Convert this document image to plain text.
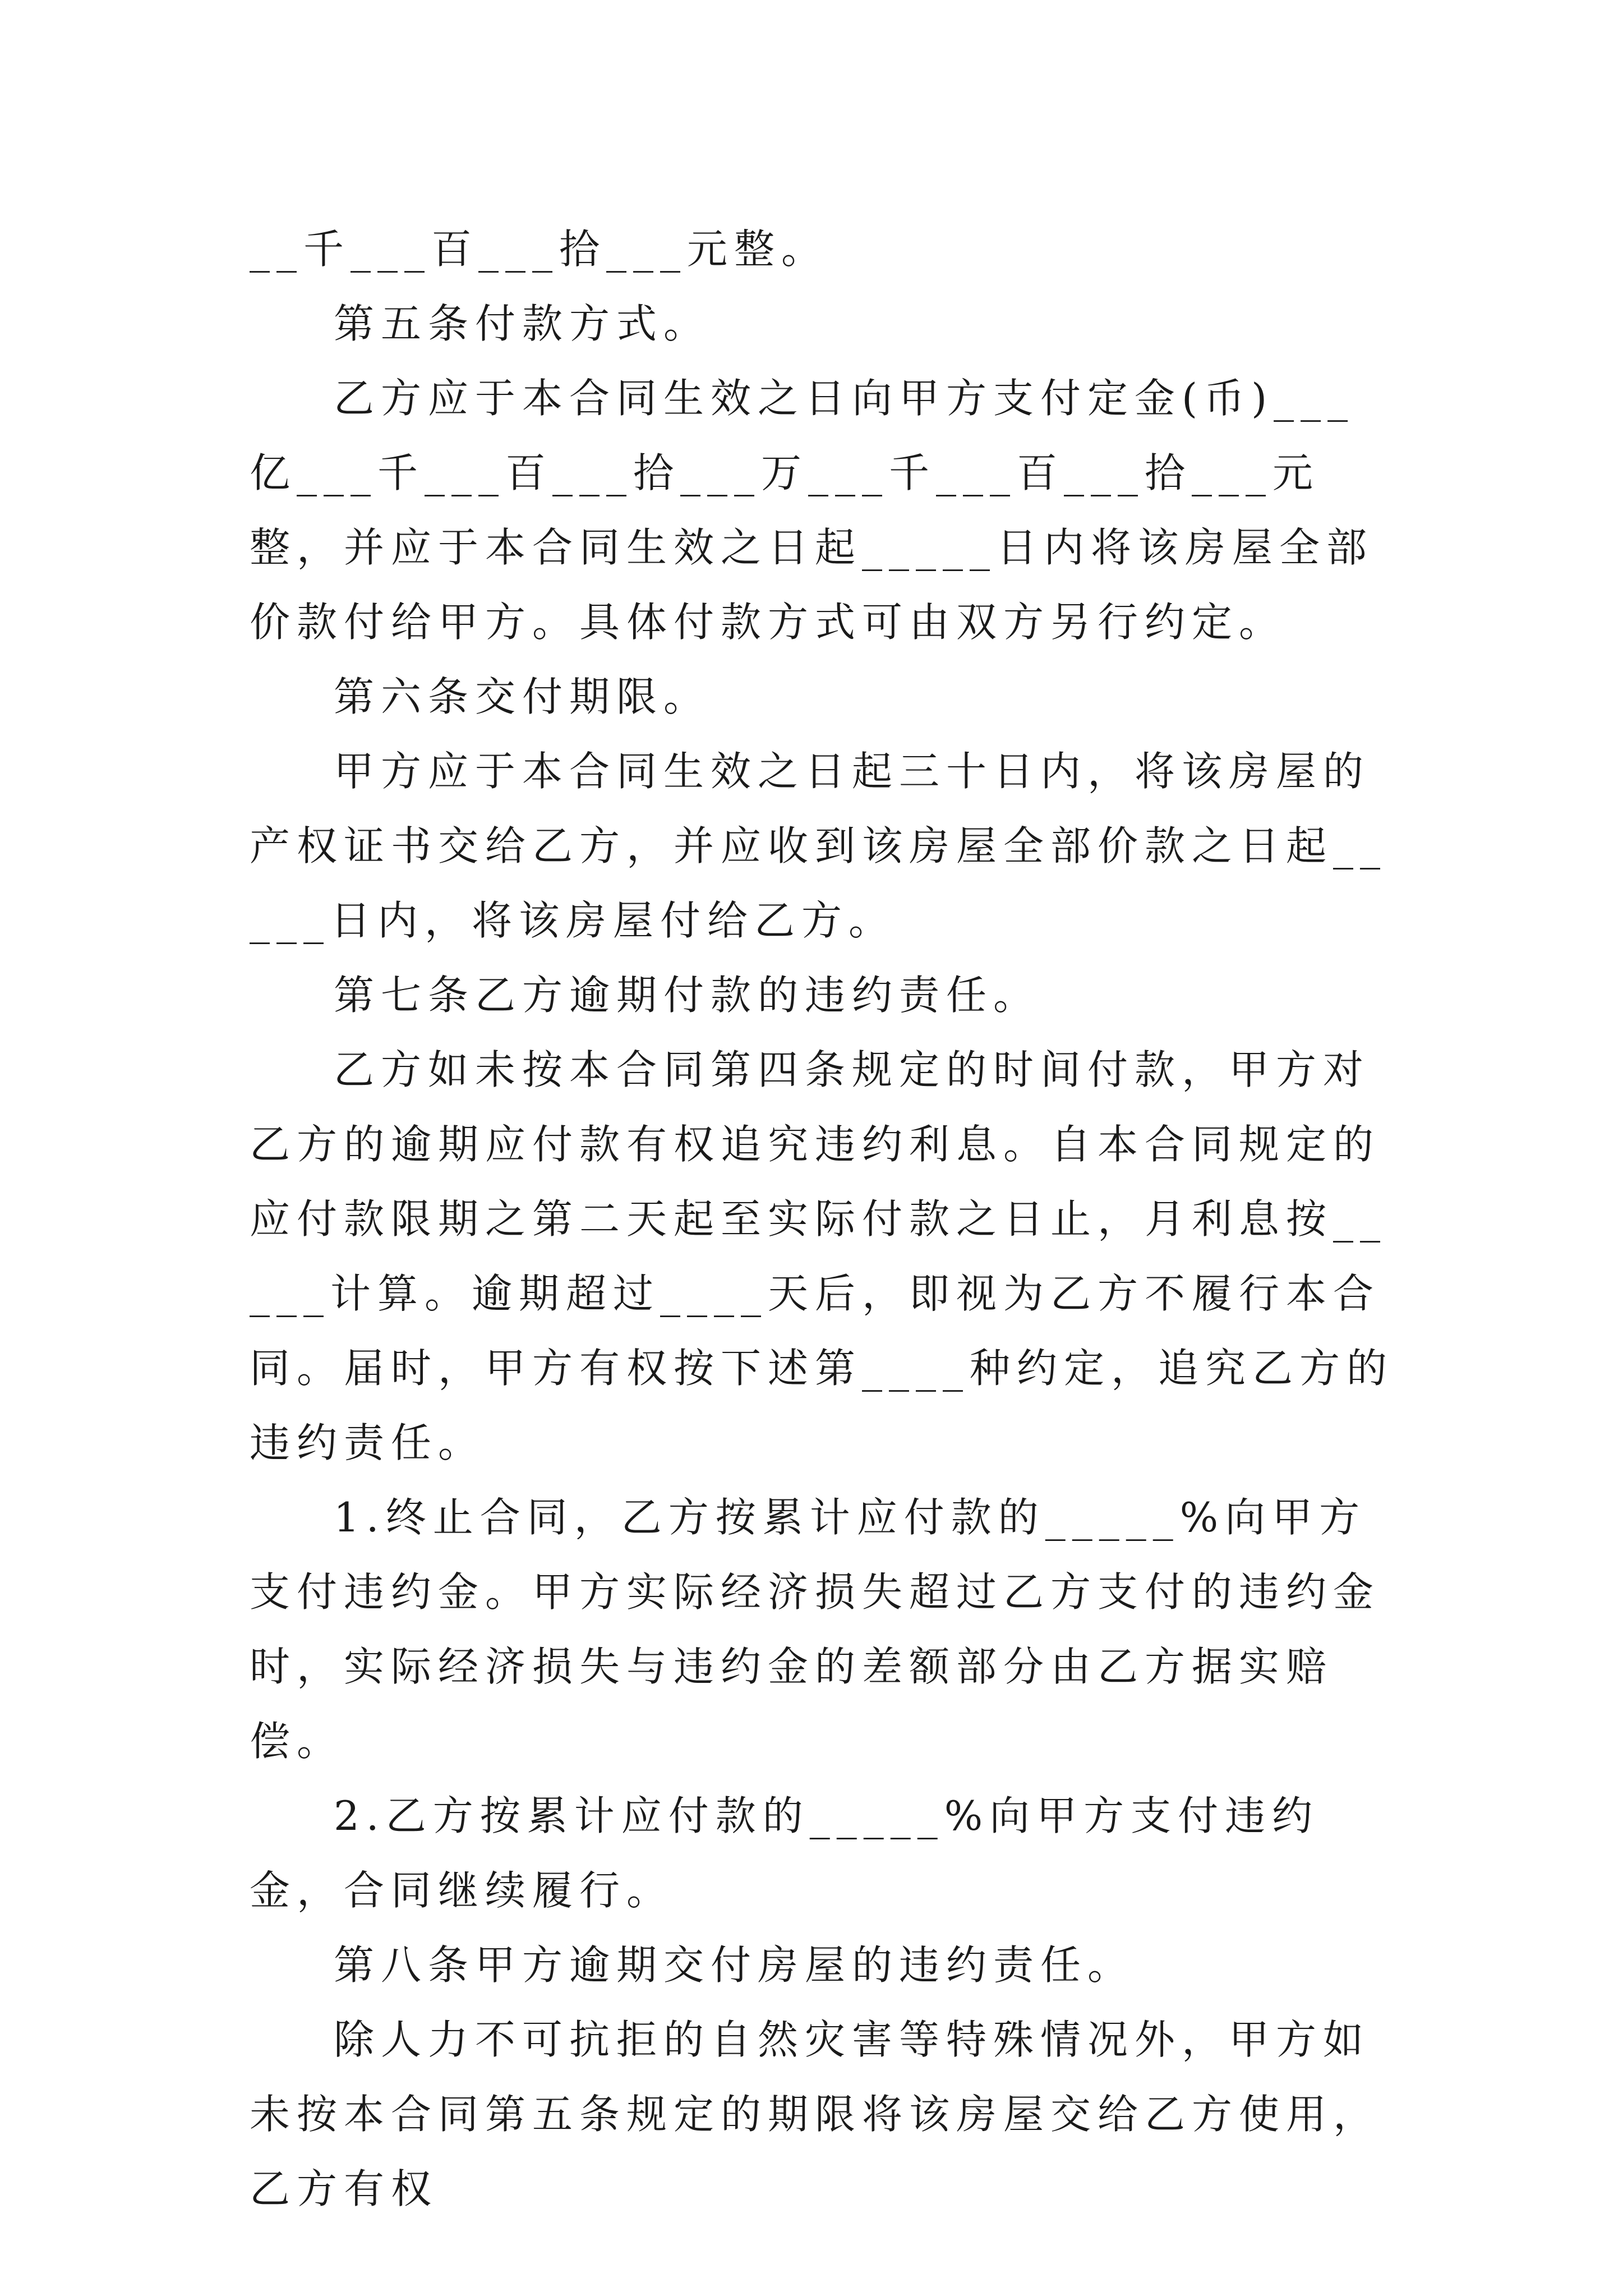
__千___百___拾___元整。

第五条付款方式。

乙方应于本合同生效之日向甲方支付定金(币)___亿___千___百___拾___万___千___百___拾___元整，并应于本合同生效之日起_____日内将该房屋全部价款付给甲方。具体付款方式可由双方另行约定。

第六条交付期限。

甲方应于本合同生效之日起三十日内，将该房屋的产权证书交给乙方，并应收到该房屋全部价款之日起_____日内，将该房屋付给乙方。

第七条乙方逾期付款的违约责任。

乙方如未按本合同第四条规定的时间付款，甲方对乙方的逾期应付款有权追究违约利息。自本合同规定的应付款限期之第二天起至实际付款之日止，月利息按_____计算。逾期超过____天后，即视为乙方不履行本合同。届时，甲方有权按下述第____种约定，追究乙方的违约责任。

1.终止合同，乙方按累计应付款的_____%向甲方支付违约金。甲方实际经济损失超过乙方支付的违约金时，实际经济损失与违约金的差额部分由乙方据实赔偿。

2.乙方按累计应付款的_____%向甲方支付违约金，合同继续履行。

第八条甲方逾期交付房屋的违约责任。

除人力不可抗拒的自然灾害等特殊情况外，甲方如未按本合同第五条规定的期限将该房屋交给乙方使用，乙方有权
